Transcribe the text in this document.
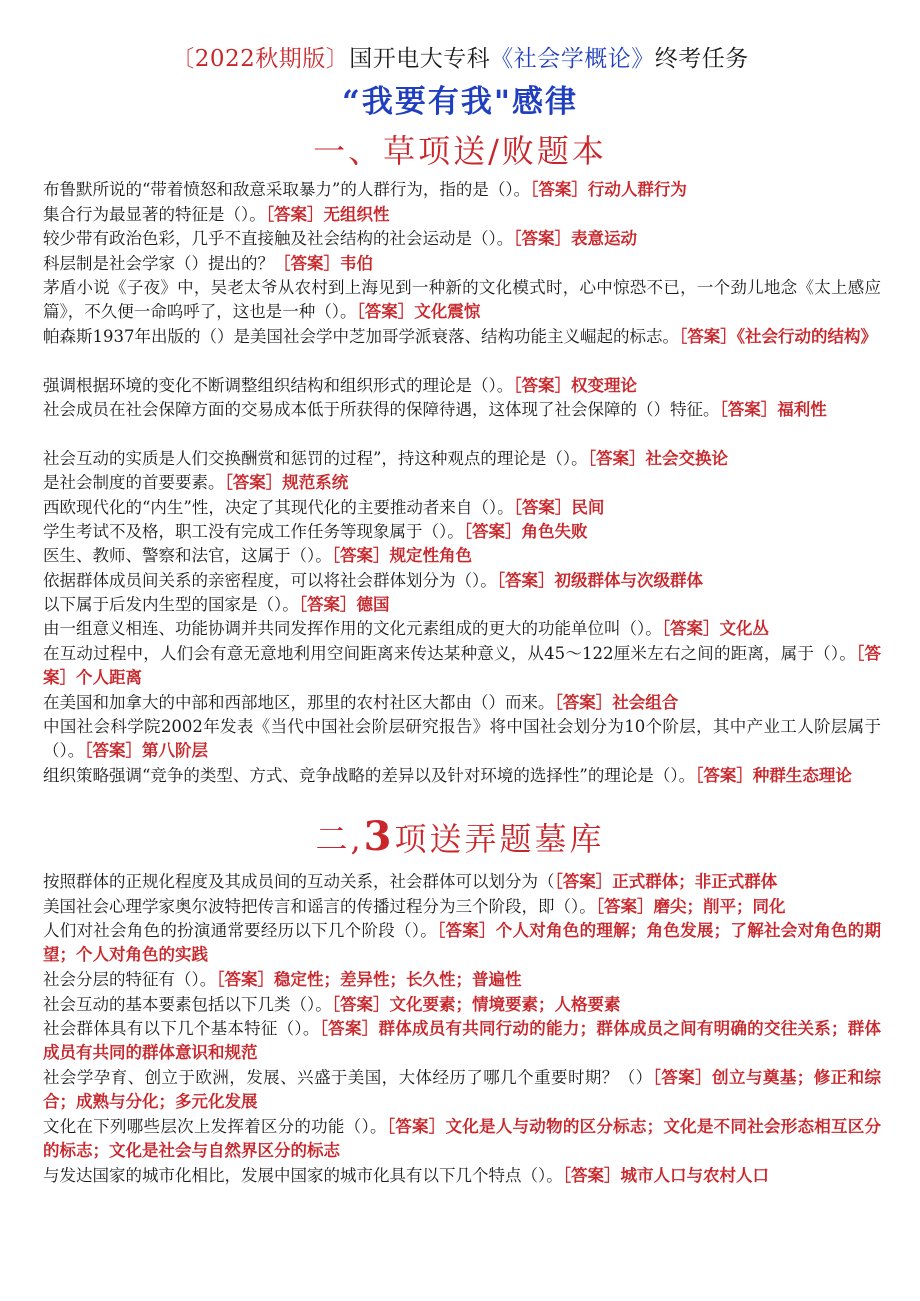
〔2022秋期版〕国开电大专科《社会学概论》终考任务
“我要有我"感律
一、草项送/败题本
布鲁默所说的“带着愤怒和敌意采取暴力”的人群行为，指的是（）。［答案］行动人群行为
集合行为最显著的特征是（）。［答案］无组织性
较少带有政治色彩，几乎不直接触及社会结构的社会运动是（）。［答案］表意运动
科层制是社会学家（）提出的？［答案］韦伯
茅盾小说《子夜》中，吴老太爷从农村到上海见到一种新的文化模式时，心中惊恐不已，一个劲儿地念《太上感应篇》，不久便一命呜呼了，这也是一种（）。［答案］文化震惊
帕森斯1937年出版的（）是美国社会学中芝加哥学派衰落、结构功能主义崛起的标志。［答案］《社会行动的结构》
强调根据环境的变化不断调整组织结构和组织形式的理论是（）。［答案］权变理论
社会成员在社会保障方面的交易成本低于所获得的保障待遇，这体现了社会保障的（）特征。［答案］福利性
社会互动的实质是人们交换酬赏和惩罚的过程”，持这种观点的理论是（）。［答案］社会交换论
是社会制度的首要要素。［答案］规范系统
西欧现代化的“内生”性，决定了其现代化的主要推动者来自（）。［答案］民间
学生考试不及格，职工没有完成工作任务等现象属于（）。［答案］角色失败
医生、教师、警察和法官，这属于（）。［答案］规定性角色
依据群体成员间关系的亲密程度，可以将社会群体划分为（）。［答案］初级群体与次级群体
以下属于后发内生型的国家是（）。［答案］德国
由一组意义相连、功能协调并共同发挥作用的文化元素组成的更大的功能单位叫（）。［答案］文化丛
在互动过程中，人们会有意无意地利用空间距离来传达某种意义，从45～122厘米左右之间的距离，属于（）。［答案］个人距离
在美国和加拿大的中部和西部地区，那里的农村社区大都由（）而来。［答案］社会组合
中国社会科学院2002年发表《当代中国社会阶层研究报告》将中国社会划分为10个阶层，其中产业工人阶层属于（）。［答案］第八阶层
组织策略强调“竞争的类型、方式、竞争战略的差异以及针对环境的选择性”的理论是（）。［答案］种群生态理论
二,3项送弄题墓库
按照群体的正规化程度及其成员间的互动关系，社会群体可以划分为（［答案］正式群体；非正式群体
美国社会心理学家奥尔波特把传言和谣言的传播过程分为三个阶段，即（）。［答案］磨尖；削平；同化
人们对社会角色的扮演通常要经历以下几个阶段（）。［答案］个人对角色的理解；角色发展；了解社会对角色的期望；个人对角色的实践
社会分层的特征有（）。［答案］稳定性；差异性；长久性；普遍性
社会互动的基本要素包括以下几类（）。［答案］文化要素；情境要素；人格要素
社会群体具有以下几个基本特征（）。［答案］群体成员有共同行动的能力；群体成员之间有明确的交往关系；群体成员有共同的群体意识和规范
社会学孕育、创立于欧洲，发展、兴盛于美国，大体经历了哪几个重要时期？（）［答案］创立与奠基；修正和综合；成熟与分化；多元化发展
文化在下列哪些层次上发挥着区分的功能（）。［答案］文化是人与动物的区分标志；文化是不同社会形态相互区分的标志；文化是社会与自然界区分的标志
与发达国家的城市化相比，发展中国家的城市化具有以下几个特点（）。［答案］城市人口与农村人口
